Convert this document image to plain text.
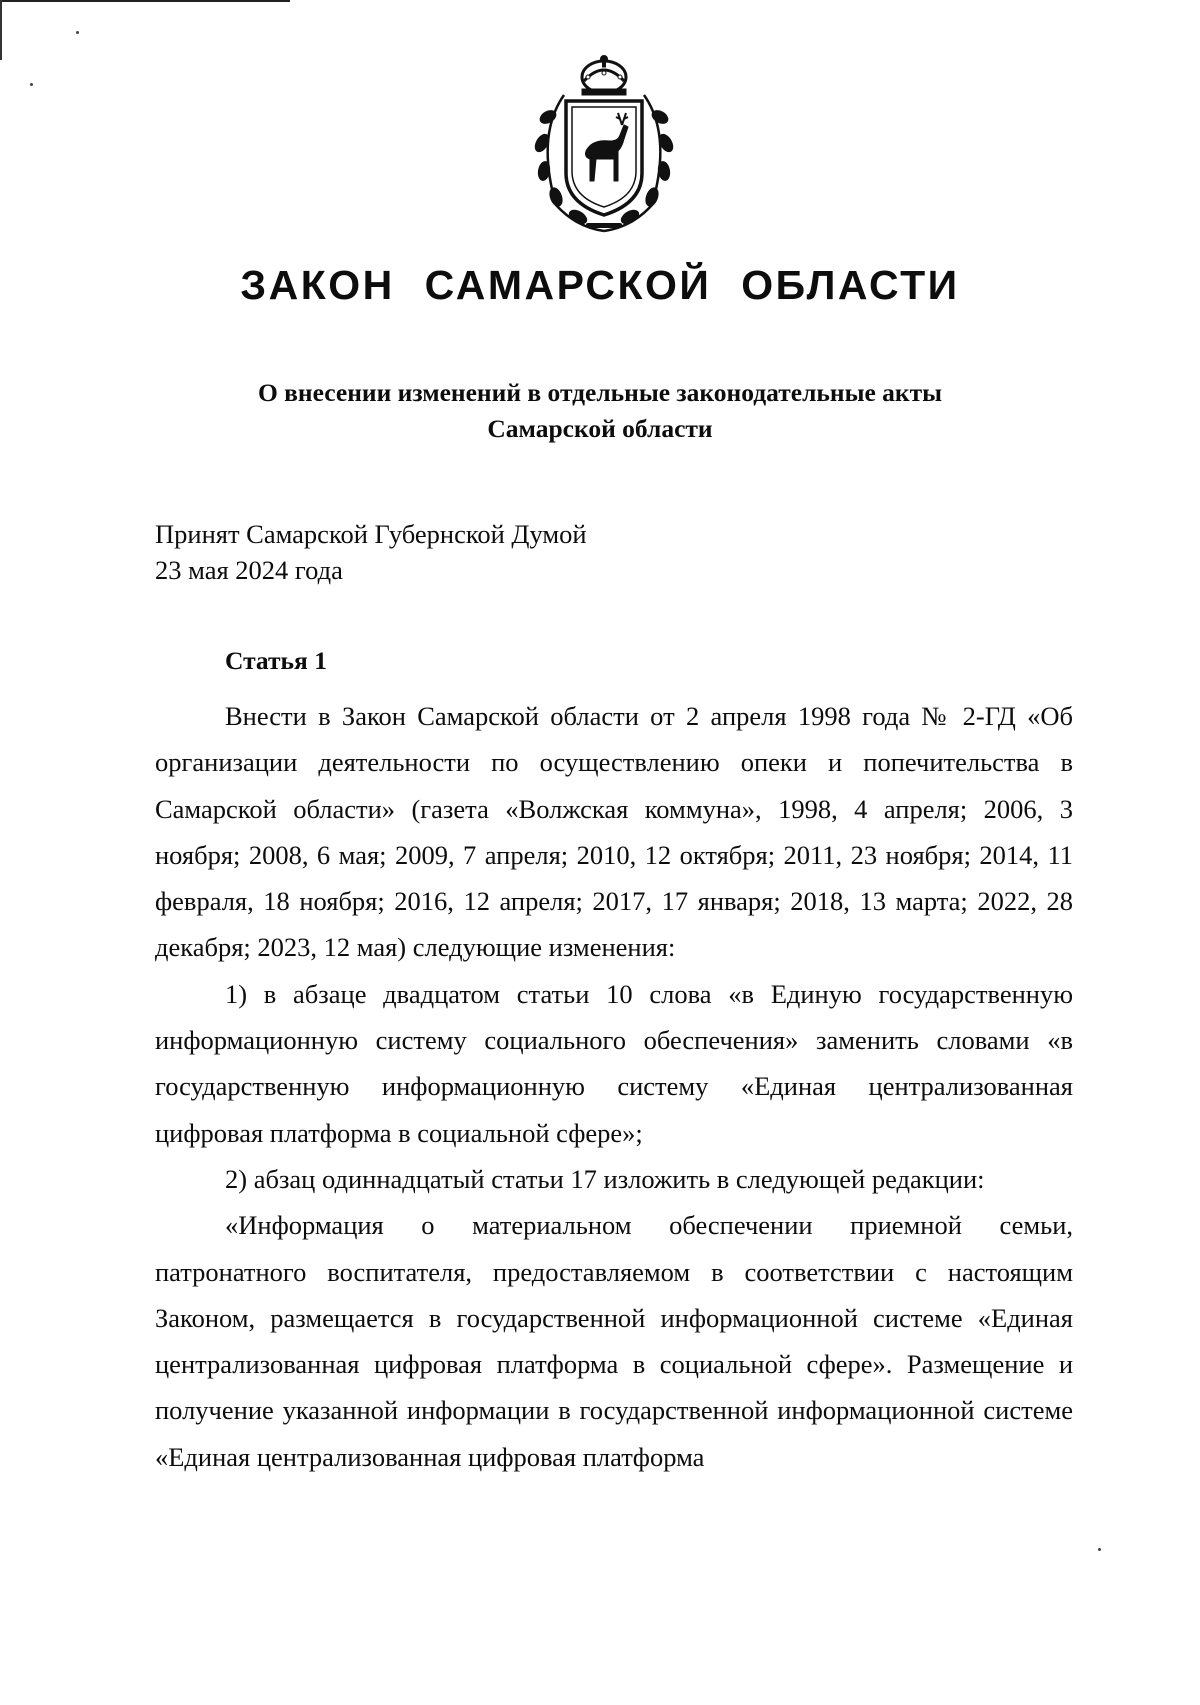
ЗАКОН САМАРСКОЙ ОБЛАСТИ
О внесении изменений в отдельные законодательные акты
Самарской области
Принят Самарской Губернской Думой
23 мая 2024 года
Статья 1

Внести в Закон Самарской области от 2 апреля 1998 года № 2-ГД «Об организации деятельности по осуществлению опеки и попечительства в Самарской области» (газета «Волжская коммуна», 1998, 4 апреля; 2006, 3 ноября; 2008, 6 мая; 2009, 7 апреля; 2010, 12 октября; 2011, 23 ноября; 2014, 11 февраля, 18 ноября; 2016, 12 апреля; 2017, 17 января; 2018, 13 марта; 2022, 28 декабря; 2023, 12 мая) следующие изменения:

1) в абзаце двадцатом статьи 10 слова «в Единую государственную информационную систему социального обеспечения» заменить словами «в государственную информационную систему «Единая централизованная цифровая платформа в социальной сфере»;

2) абзац одиннадцатый статьи 17 изложить в следующей редакции:

«Информация о материальном обеспечении приемной семьи, патронатного воспитателя, предоставляемом в соответствии с настоящим Законом, размещается в государственной информационной системе «Единая централизованная цифровая платформа в социальной сфере». Размещение и получение указанной информации в государственной информационной системе «Единая централизованная цифровая платформа
